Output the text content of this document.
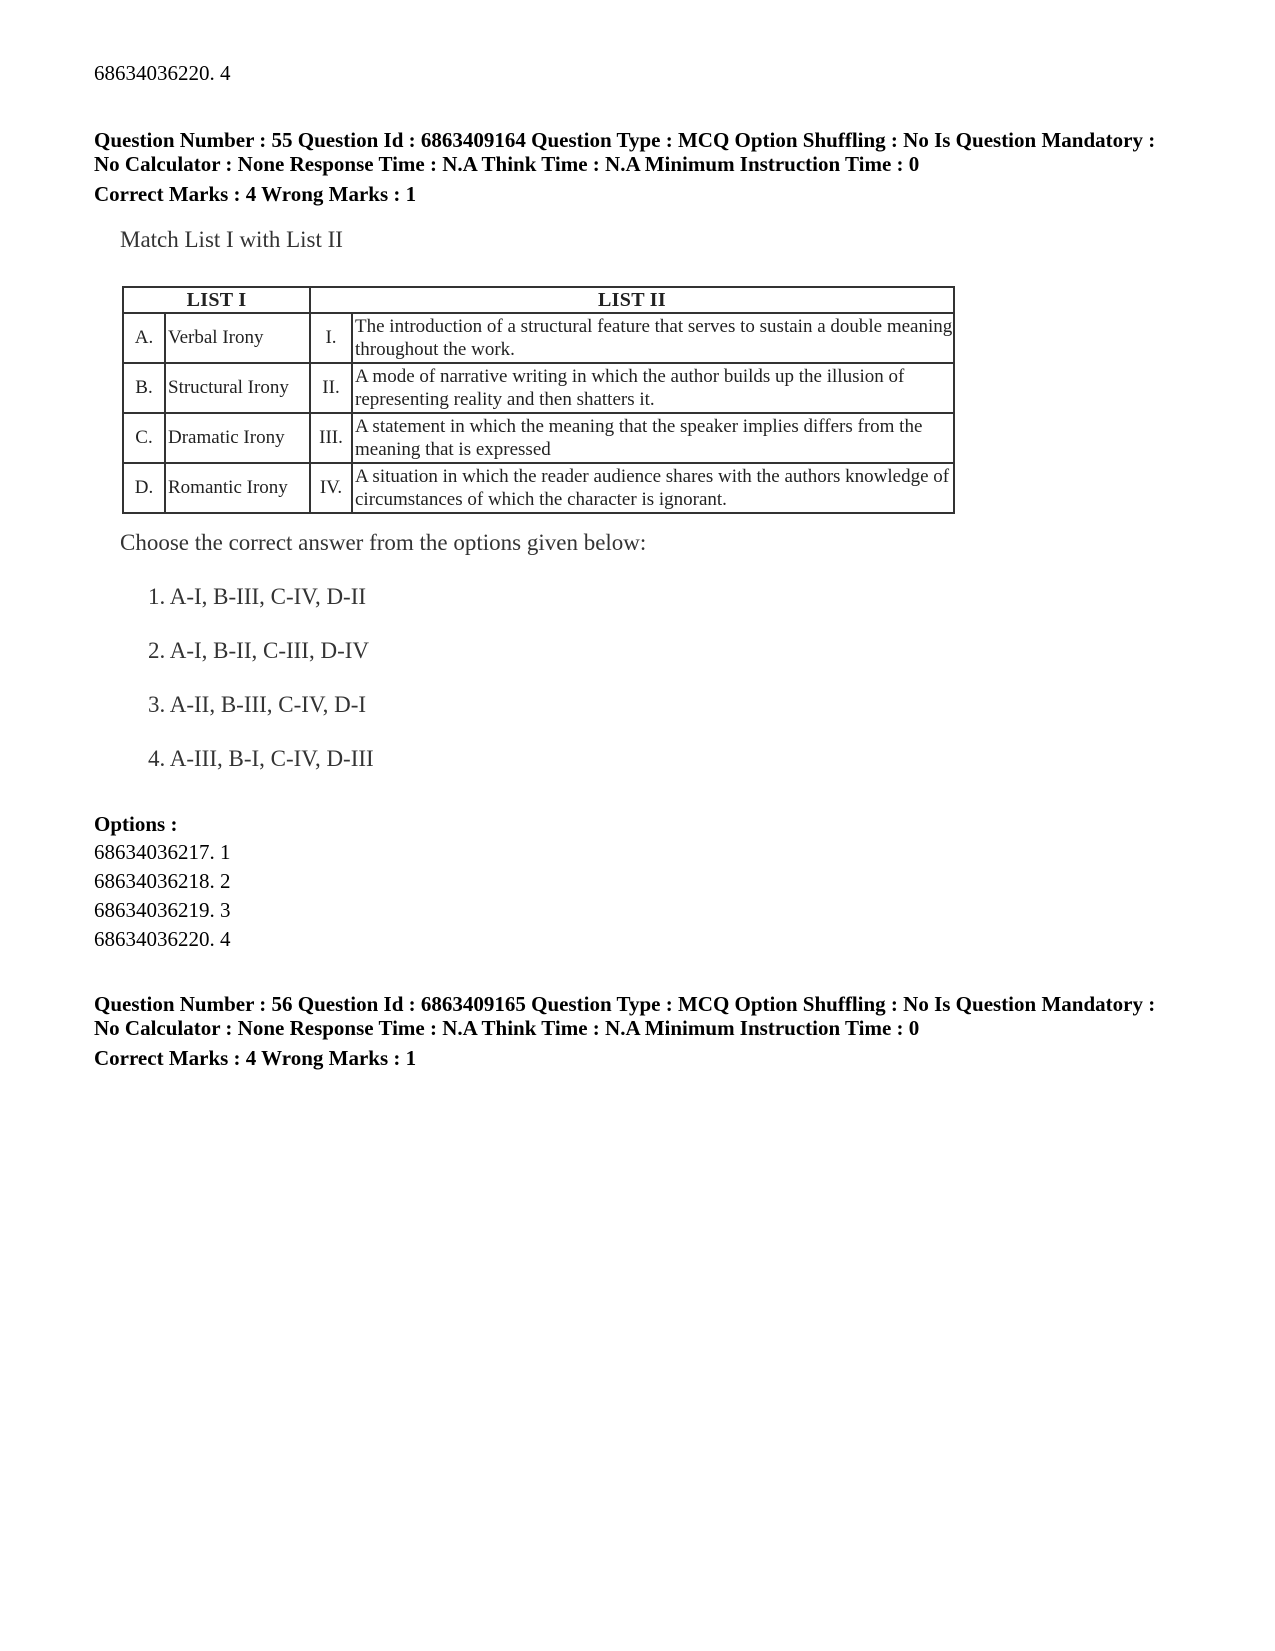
68634036220. 4
Question Number : 55 Question Id : 6863409164 Question Type : MCQ Option Shuffling : No Is Question Mandatory :
No Calculator : None Response Time : N.A Think Time : N.A Minimum Instruction Time : 0
Correct Marks : 4 Wrong Marks : 1
Match List I with List II
LIST I		LIST II	
A.	Verbal Irony	I.	The introduction of a structural feature that serves to sustain a double meaning throughout the work.
B.	Structural Irony	II.	A mode of narrative writing in which the author builds up the illusion of representing reality and then shatters it.
C.	Dramatic Irony	III.	A statement in which the meaning that the speaker implies differs from the meaning that is expressed
D.	Romantic Irony	IV.	A situation in which the reader audience shares with the authors knowledge of circumstances of which the character is ignorant.
Choose the correct answer from the options given below:
1. A-I, B-III, C-IV, D-II
2. A-I, B-II, C-III, D-IV
3. A-II, B-III, C-IV, D-I
4. A-III, B-I, C-IV, D-III
Options :
68634036217. 1
68634036218. 2
68634036219. 3
68634036220. 4
Question Number : 56 Question Id : 6863409165 Question Type : MCQ Option Shuffling : No Is Question Mandatory :
No Calculator : None Response Time : N.A Think Time : N.A Minimum Instruction Time : 0
Correct Marks : 4 Wrong Marks : 1
